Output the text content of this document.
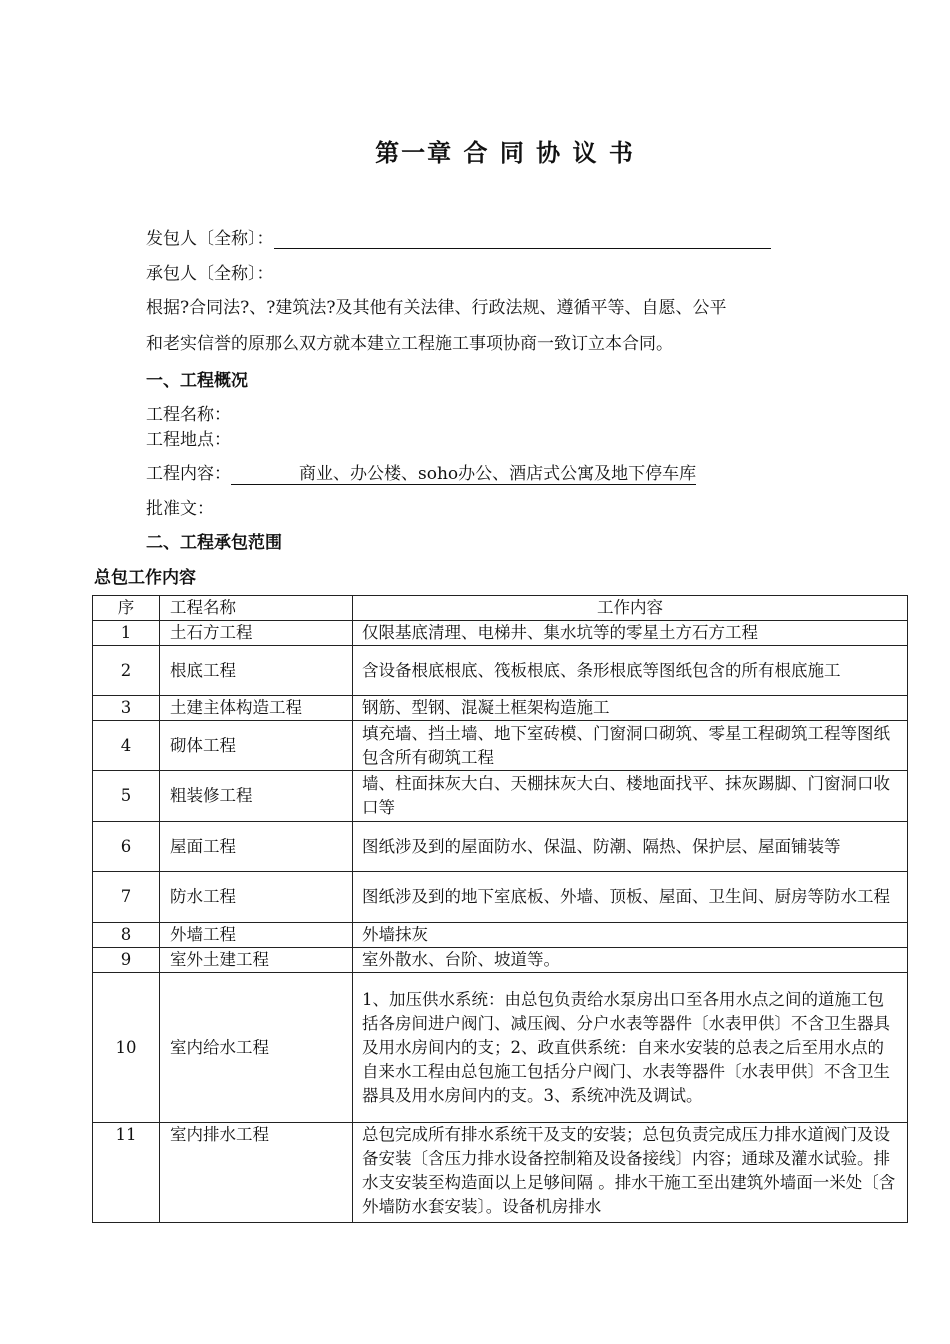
第一章 合 同 协 议 书
发包人〔全称〕：
承包人〔全称〕：
根据?合同法?、?建筑法?及其他有关法律、行政法规、遵循平等、自愿、公平
和老实信誉的原那么双方就本建立工程施工事项协商一致订立本合同。
一、工程概况
工程名称：
工程地点：
工程内容：	商业、办公楼、soho办公、酒店式公寓及地下停车库
批准文：
二、工程承包范围
总包工作内容
序	工程名称	工作内容
1	土石方工程	仅限基底清理、电梯井、集水坑等的零星土方石方工程
2	根底工程	含设备根底根底、筏板根底、条形根底等图纸包含的所有根底施工
3	土建主体构造工程	钢筋、型钢、混凝土框架构造施工
4	砌体工程	填充墙、挡土墙、地下室砖模、门窗洞口砌筑、零星工程砌筑工程等图纸包含所有砌筑工程
5	粗装修工程	墙、柱面抹灰大白、天棚抹灰大白、楼地面找平、抹灰踢脚、门窗洞口收口等
6	屋面工程	图纸涉及到的屋面防水、保温、防潮、隔热、保护层、屋面铺装等
7	防水工程	图纸涉及到的地下室底板、外墙、顶板、屋面、卫生间、厨房等防水工程
8	外墙工程	外墙抹灰
9	室外土建工程	室外散水、台阶、坡道等。
10	室内给水工程	1、加压供水系统：由总包负责给水泵房出口至各用水点之间的道施工包括各房间进户阀门、减压阀、分户水表等器件〔水表甲供〕不含卫生器具及用水房间内的支；2、政直供系统：自来水安装的总表之后至用水点的自来水工程由总包施工包括分户阀门、水表等器件〔水表甲供〕不含卫生器具及用水房间内的支。3、系统冲洗及调试。
11	室内排水工程	总包完成所有排水系统干及支的安装；总包负责完成压力排水道阀门及设备安装〔含压力排水设备控制箱及设备接线〕内容；通球及灌水试验。排水支安装至构造面以上足够间隔 。排水干施工至出建筑外墙面一米处〔含外墙防水套安装〕。设备机房排水
